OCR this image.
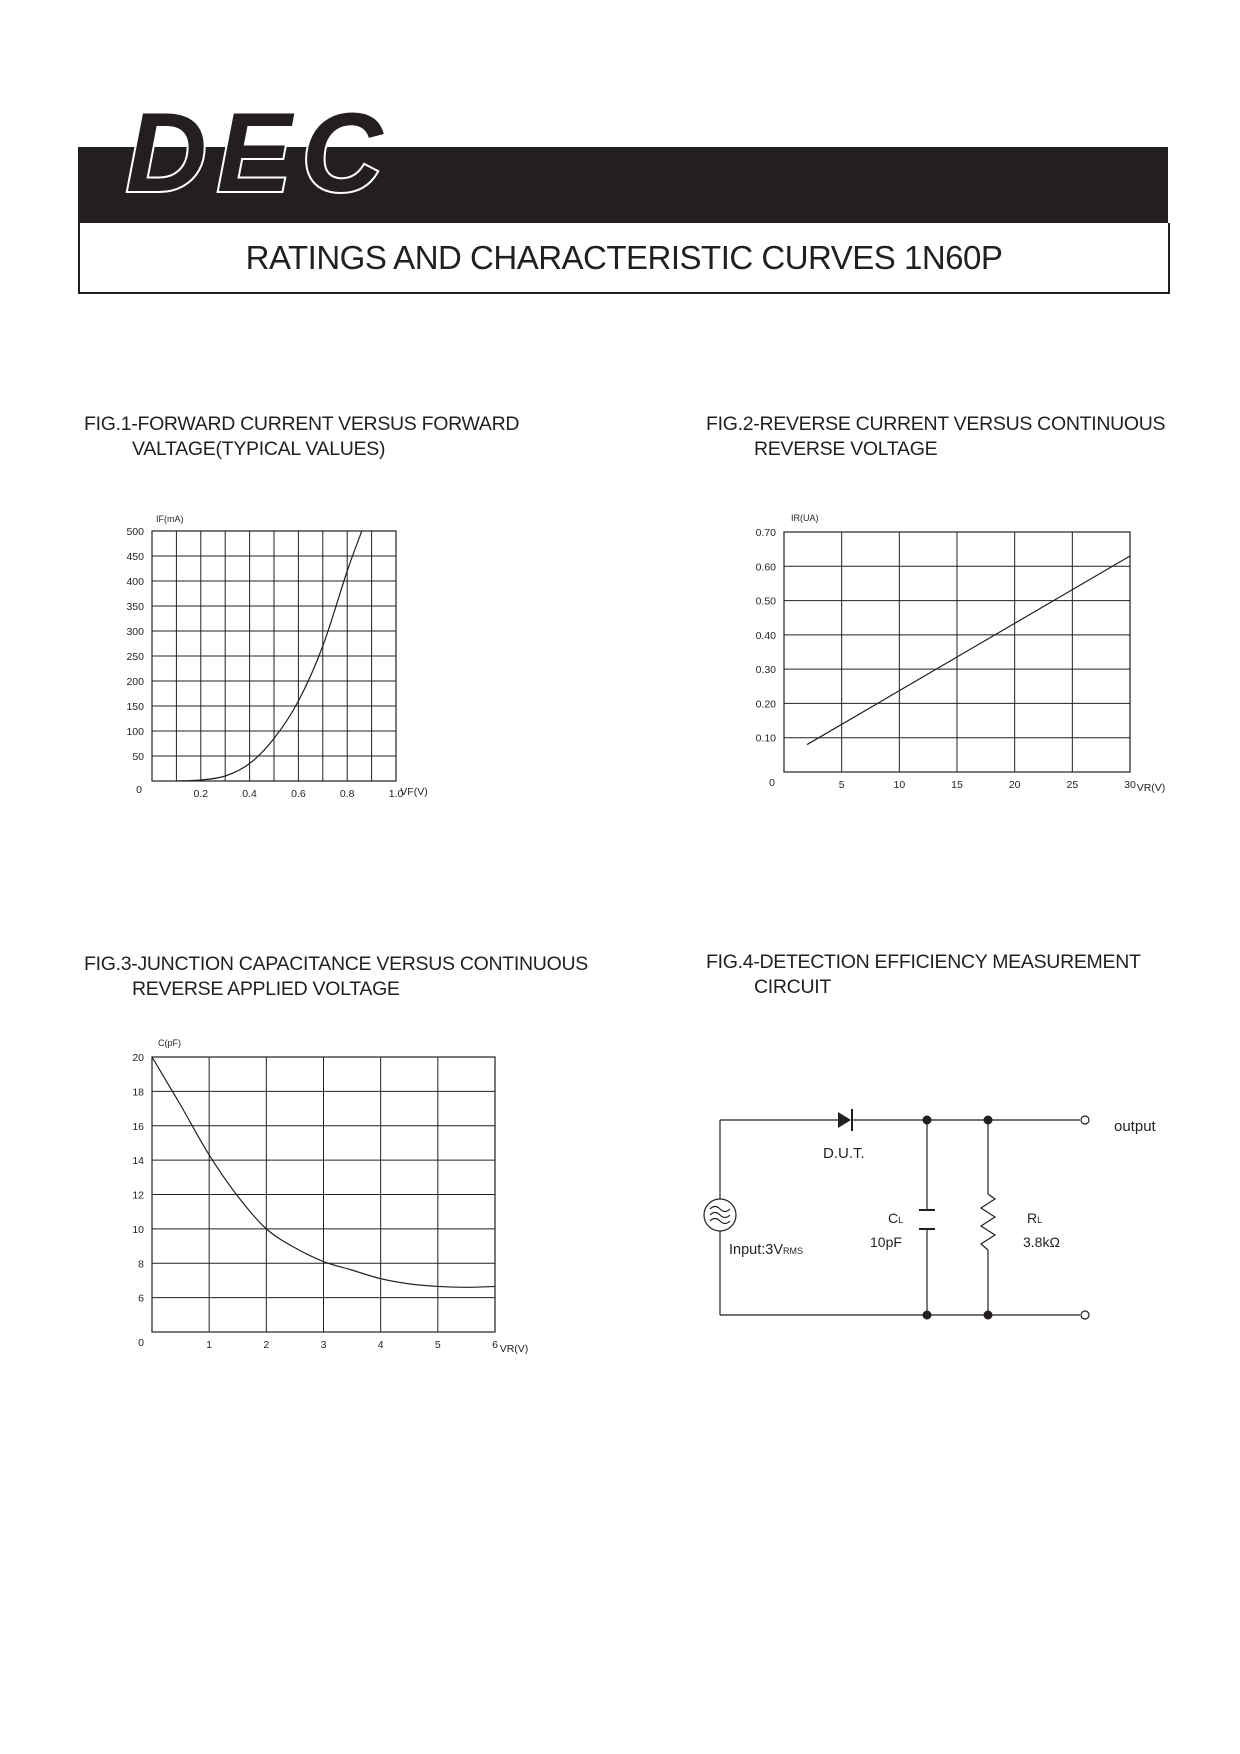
DEC
RATINGS AND CHARACTERISTIC CURVES 1N60P
FIG.1-FORWARD CURRENT VERSUS FORWARD
VALTAGE(TYPICAL VALUES)
FIG.2-REVERSE CURRENT VERSUS CONTINUOUS
REVERSE VOLTAGE
FIG.3-JUNCTION CAPACITANCE VERSUS CONTINUOUS
REVERSE APPLIED VOLTAGE
FIG.4-DETECTION EFFICIENCY MEASUREMENT
CIRCUIT
0.2	0.4	0.6	0.8	1.0
50
100
150
200
250
300
350
400
450
500
0
IF(mA)
VF(V)
5	10	15	20	25	30
0.10
0.20
0.30
0.40
0.50
0.60
0.70
0
IR(UA)
VR(V)
1	2	3	4	5	6
6
8
10
12
14
16
18
20
0
C(pF)
VR(V)
D.U.T.
Input:3VRMS
CL
10pF
RL
3.8kΩ
output
